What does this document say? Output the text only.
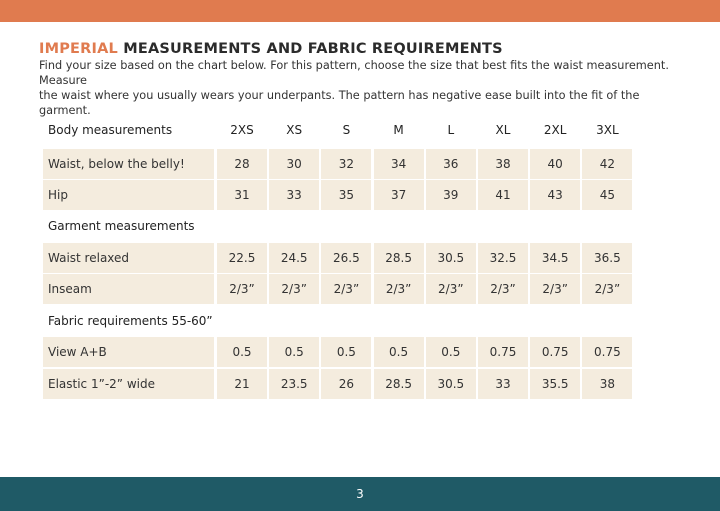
IMPERIAL MEASUREMENTS AND FABRIC REQUIREMENTS

Find your size based on the chart below. For this pattern, choose the size that best fits the waist measurement. Measure

the waist where you usually wears your underpants. The pattern has negative ease built into the fit of the garment.

Body measurements	2XS	XS	S	M	L	XL	2XL	3XL
Waist, below the belly!	28	30	32	34	36	38	40	42
Hip	31	33	35	37	39	41	43	45
Garment measurements
Waist relaxed	22.5	24.5	26.5	28.5	30.5	32.5	34.5	36.5
Inseam	2/3”	2/3”	2/3”	2/3”	2/3”	2/3”	2/3”	2/3”
Fabric requirements 55-60”
View A+B	0.5	0.5	0.5	0.5	0.5	0.75	0.75	0.75
Elastic 1”-2” wide	21	23.5	26	28.5	30.5	33	35.5	38
3
